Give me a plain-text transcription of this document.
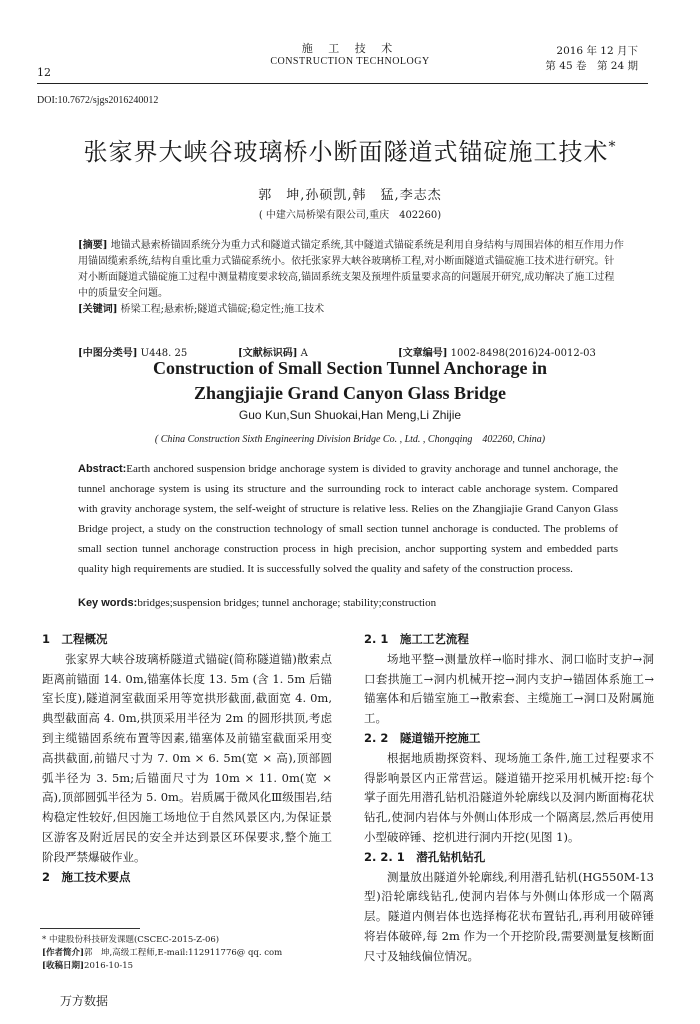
施 工 技 术
CONSTRUCTION TECHNOLOGY
12
2016 年 12 月下
第 45 卷　第 24 期
DOI:10.7672/sjgs2016240012
张家界大峡谷玻璃桥小断面隧道式锚碇施工技术*
郭　坤,孙硕凯,韩　猛,李志杰
( 中建六局桥梁有限公司,重庆　402260)
[摘要] 地锚式悬索桥锚固系统分为重力式和隧道式锚定系统,其中隧道式锚碇系统是利用自身结构与周围岩体的相互作用力作用锚固缆索系统,结构自重比重力式锚碇系统小。依托张家界大峡谷玻璃桥工程,对小断面隧道式锚碇施工技术进行研究。针对小断面隧道式锚碇施工过程中测量精度要求较高,锚固系统支架及预埋件质量要求高的问题展开研究,成功解决了施工过程中的质量安全问题。
[关键词] 桥梁工程;悬索桥;隧道式锚碇;稳定性;施工技术
[中图分类号] U448. 25	[文献标识码] A	[文章编号] 1002-8498(2016)24-0012-03
Construction of Small Section Tunnel Anchorage in
Zhangjiajie Grand Canyon Glass Bridge
Guo Kun,Sun Shuokai,Han Meng,Li Zhijie
( China Construction Sixth Engineering Division Bridge Co. , Ltd. , Chongqing　402260, China)
Abstract:Earth anchored suspension bridge anchorage system is divided to gravity anchorage and tunnel anchorage, the tunnel anchorage system is using its structure and the surrounding rock to interact cable anchorage system. Compared with gravity anchorage system, the self-weight of structure is relative less. Relies on the Zhangjiajie Grand Canyon Glass Bridge project, a study on the construction technology of small section tunnel anchorage is conducted. The problems of small section tunnel anchorage construction process in high precision, anchor supporting system and embedded parts quality high requirements are studied. It is successfully solved the quality and safety of the construction process.
Key words:bridges;suspension bridges; tunnel anchorage; stability;construction
1　工程概况

张家界大峡谷玻璃桥隧道式锚碇(简称隧道锚)散索点距离前锚面 14. 0m,锚塞体长度 13. 5m (含 1. 5m 后锚室长度),隧道洞室截面采用等宽拱形截面,截面宽 4. 0m,典型截面高 4. 0m,拱顶采用半径为 2m 的圆形拱顶,考虑到主缆锚固系统布置等因素,锚塞体及前锚室截面采用变高拱截面,前锚尺寸为 7. 0m × 6. 5m(宽 × 高),顶部圆弧半径为 3. 5m;后锚面尺寸为 10m × 11. 0m(宽 × 高),顶部圆弧半径为 5. 0m。岩质属于微风化Ⅲ级围岩,结构稳定性较好,但因施工场地位于自然风景区内,为保证景区游客及附近居民的安全并达到景区环保要求,整个施工阶段严禁爆破作业。

2　施工技术要点
2. 1　施工工艺流程

场地平整→测量放样→临时排水、洞口临时支护→洞口套拱施工→洞内机械开挖→洞内支护→锚固体系施工→锚塞体和后锚室施工→散索套、主缆施工→洞口及附属施工。

2. 2　隧道锚开挖施工

根据地质勘探资料、现场施工条件,施工过程要求不得影响景区内正常营运。隧道锚开挖采用机械开挖:每个掌子面先用潜孔钻机沿隧道外轮廓线以及洞内断面梅花状钻孔,使洞内岩体与外侧山体形成一个隔离层,然后再使用小型破碎锤、挖机进行洞内开挖(见图 1)。

2. 2. 1　潜孔钻机钻孔

测量放出隧道外轮廓线,利用潜孔钻机(HG550M-13 型)沿轮廓线钻孔,使洞内岩体与外侧山体形成一个隔离层。隧道内侧岩体也选择梅花状布置钻孔,再利用破碎锤将岩体破碎,每 2m 作为一个开挖阶段,需要测量复核断面尺寸及轴线偏位情况。

* 中建股份科技研发课题(CSCEC-2015-Z-06)
[作者简介]郭　坤,高级工程师,E-mail:112911776@ qq. com
[收稿日期]2016-10-15
万方数据
